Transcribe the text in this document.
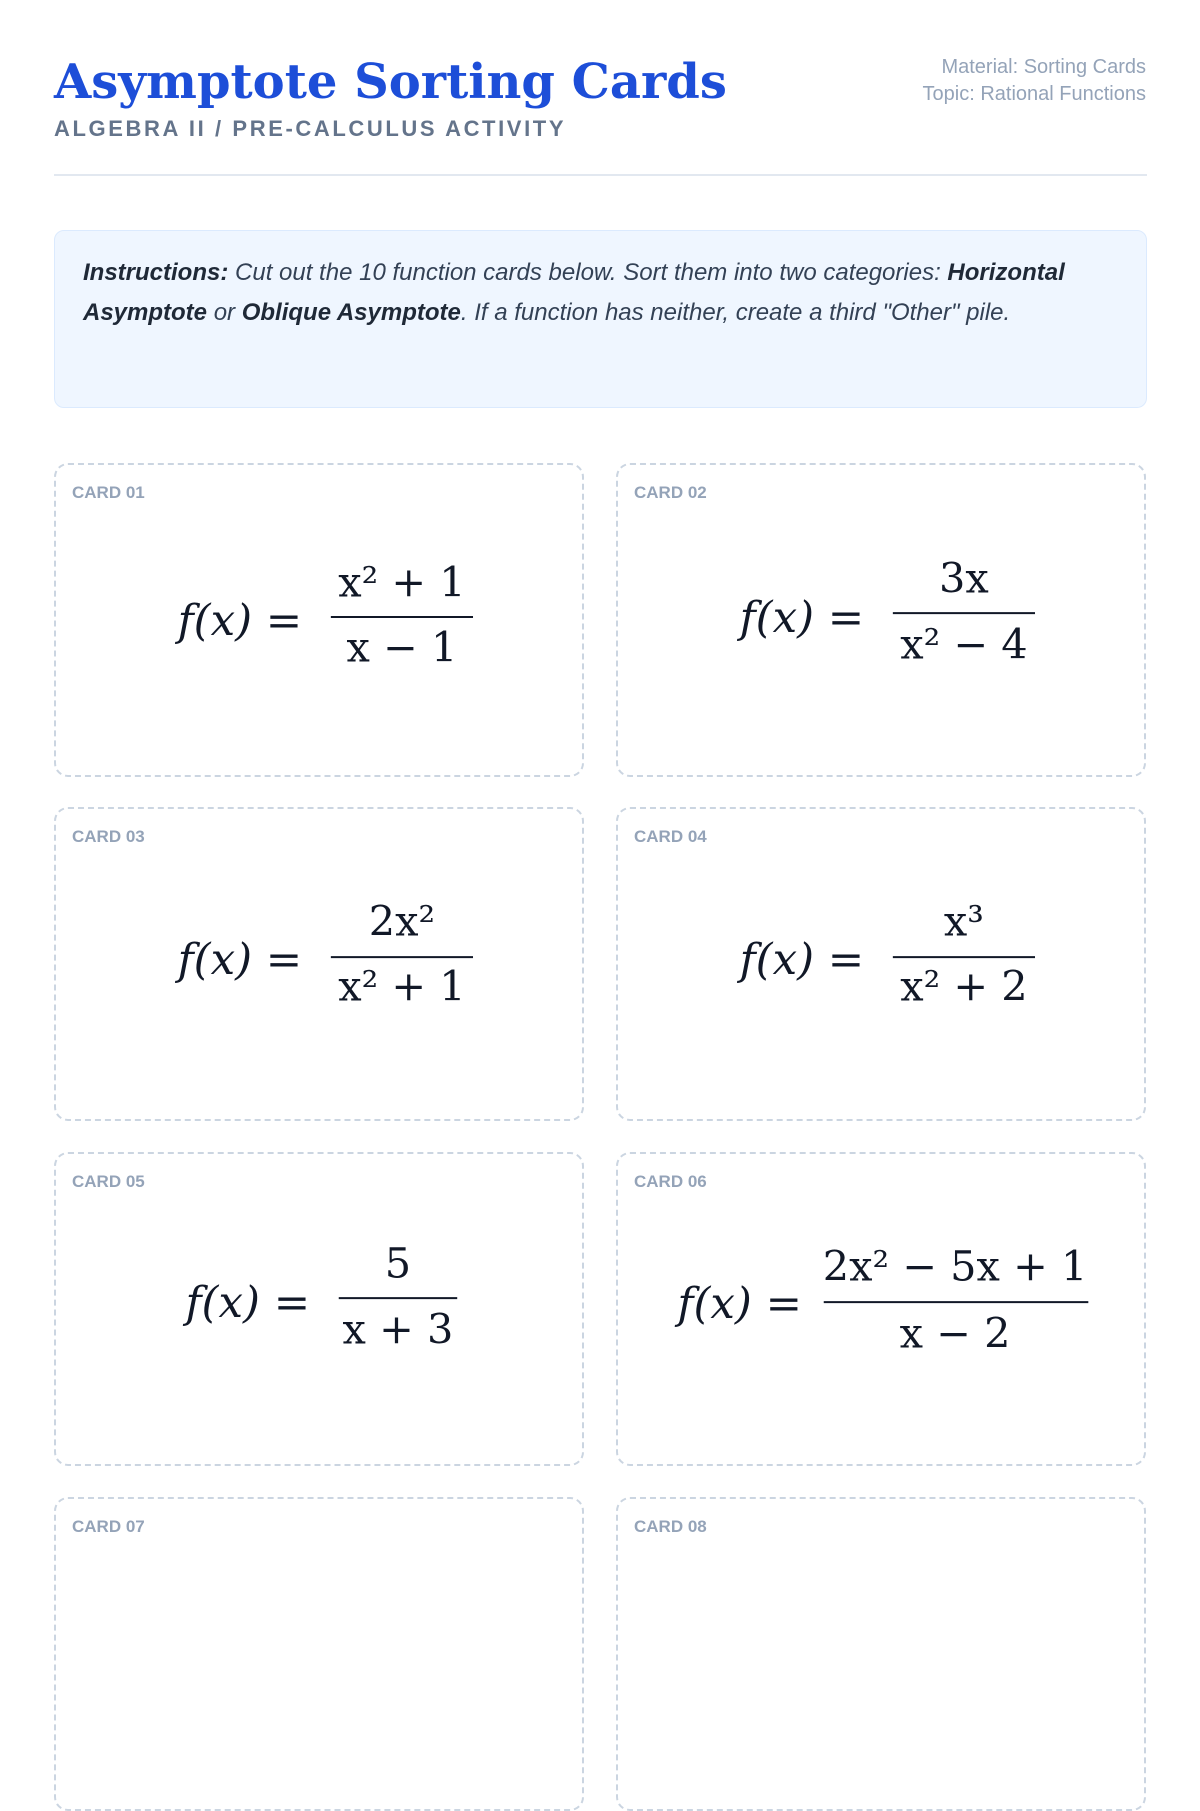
Asymptote Sorting Cards
ALGEBRA II / PRE-CALCULUS ACTIVITY
Material: Sorting Cards
Topic: Rational Functions
Instructions: Cut out the 10 function cards below. Sort them into two categories: Horizontal Asymptote or Oblique Asymptote. If a function has neither, create a third "Other" pile.
CARD 01
f(x) =
x² + 1
x − 1
CARD 02
f(x) =
3x
x² − 4
CARD 03
f(x) =
2x²
x² + 1
CARD 04
f(x) =
x³
x² + 2
CARD 05
f(x) =
5
x + 3
CARD 06
f(x) =
2x² − 5x + 1
x − 2
CARD 07	CARD 08
